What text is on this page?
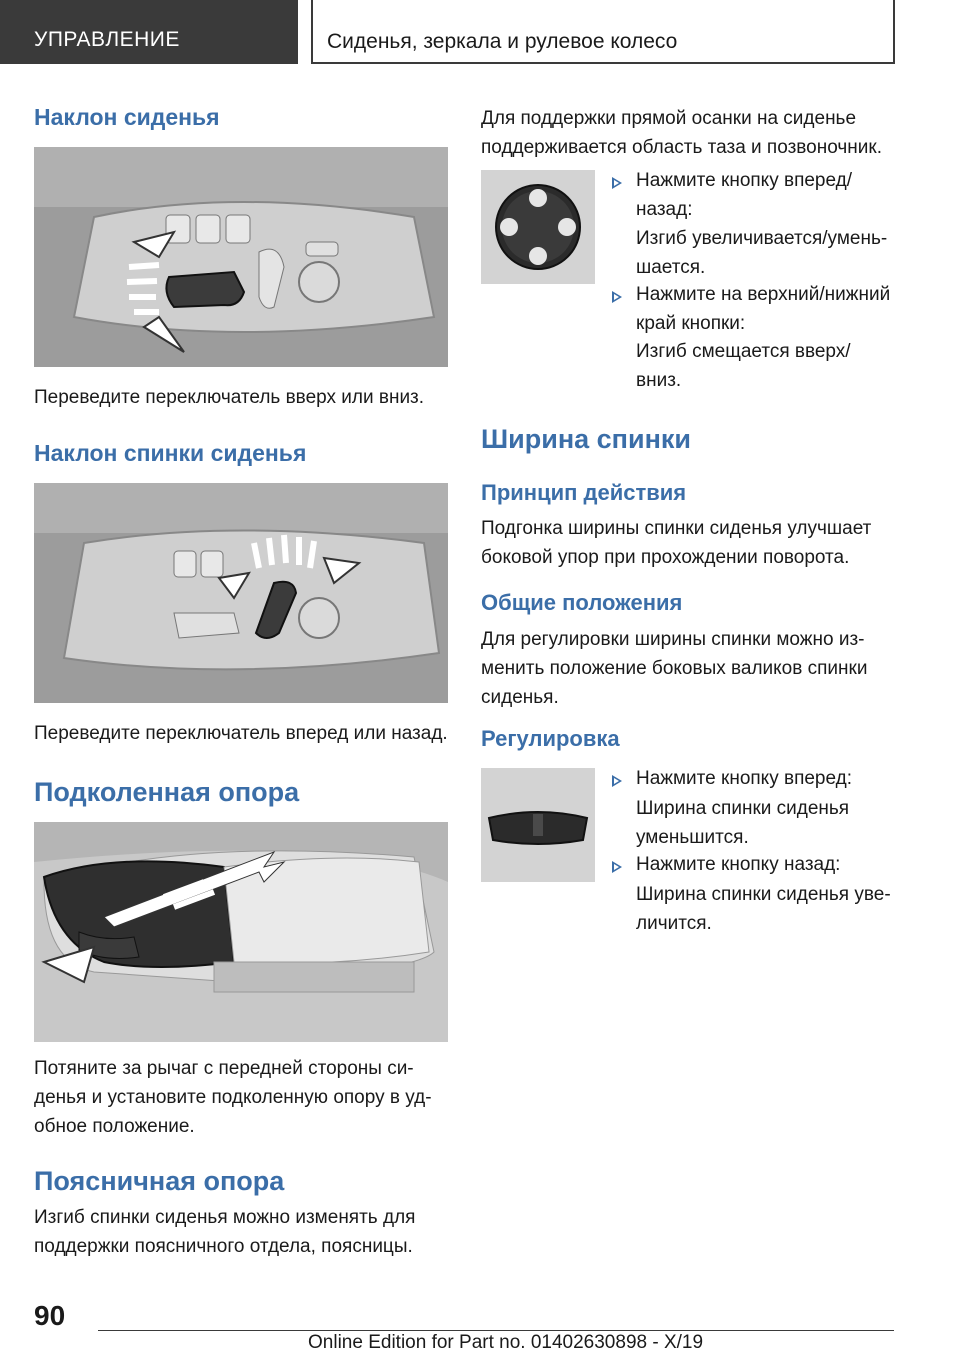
УПРАВЛЕНИЕ	Сиденья, зеркала и рулевое колесо
Наклон сиденья
Переведите переключатель вверх или вниз.
Наклон спинки сиденья
Переведите переключатель вперед или назад.
Подколенная опора
Потяните за рычаг с передней стороны си-
денья и установите подколенную опору в уд-
обное положение.
Поясничная опора
Изгиб спинки сиденья можно изменять для
поддержки поясничного отдела, поясницы.
Для поддержки прямой осанки на сиденье
поддерживается область таза и позвоночник.
Нажмите кнопку вперед/
назад:
Изгиб увеличивается/умень-
шается.
Нажмите на верхний/нижний
край кнопки:
Изгиб смещается вверх/
вниз.
Ширина спинки
Принцип действия
Подгонка ширины спинки сиденья улучшает
боковой упор при прохождении поворота.
Общие положения
Для регулировки ширины спинки можно из-
менить положение боковых валиков спинки
сиденья.
Регулировка
Нажмите кнопку вперед:
Ширина спинки сиденья
уменьшится.
Нажмите кнопку назад:
Ширина спинки сиденья уве-
личится.
90
Online Edition for Part no. 01402630898 - X/19
